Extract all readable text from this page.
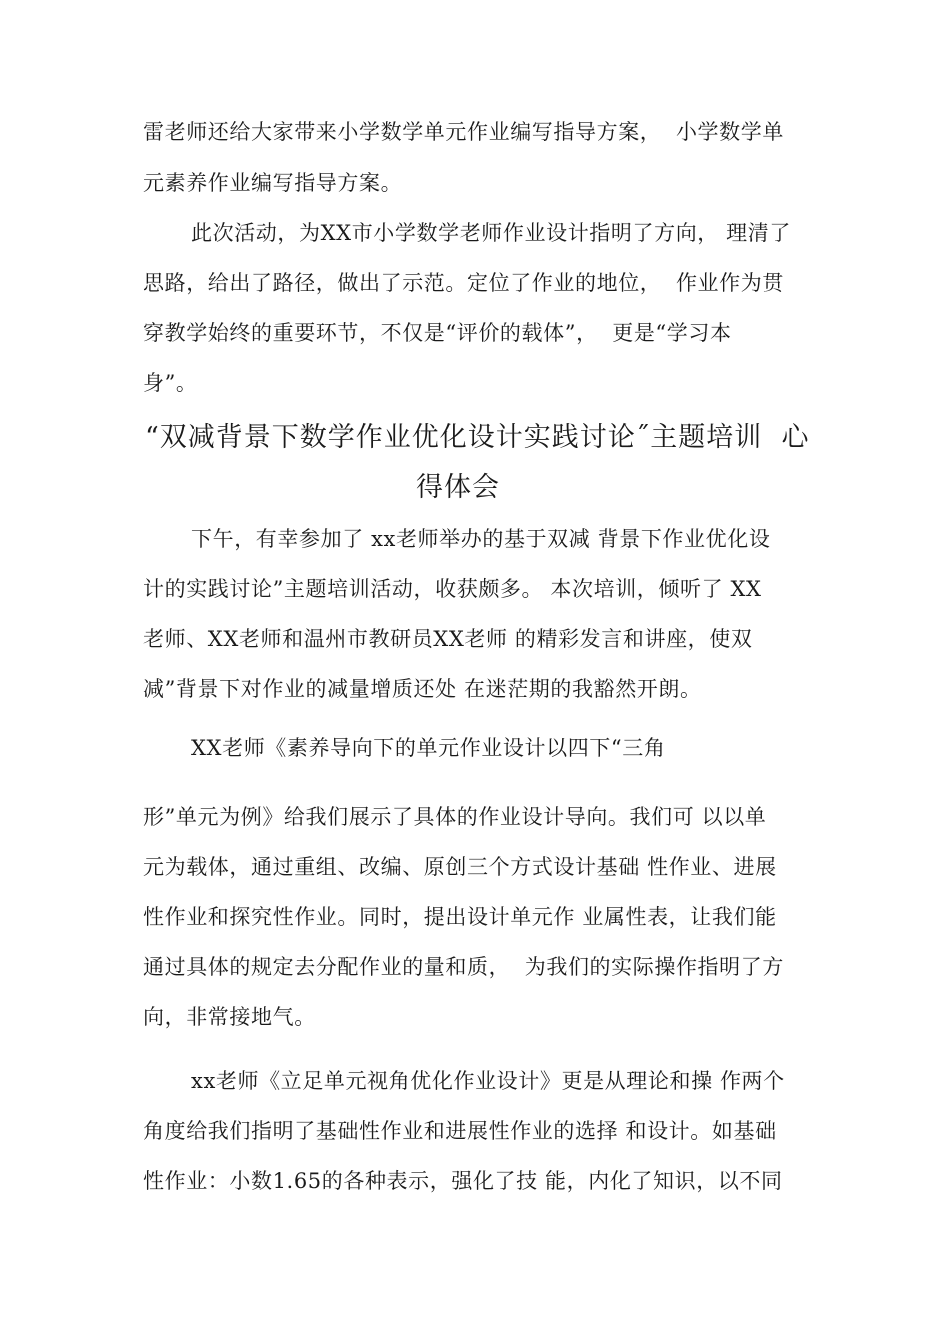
雷老师还给大家带来小学数学单元作业编写指导方案，  小学数学单
元素养作业编写指导方案。
此次活动，为XX市小学数学老师作业设计指明了方向， 理清了
思路，给出了路径，做出了示范。定位了作业的地位，  作业作为贯
穿教学始终的重要环节，不仅是“评价的载体”，  更是“学习本
身”。
“双减背景下数学作业优化设计实践讨论˝主题培训  心
得体会
下午，有幸参加了 xx老师举办的基于双减 背景下作业优化设
计的实践讨论”主题培训活动，收获颇多。 本次培训，倾听了 XX
老师、XX老师和温州市教研员XX老师 的精彩发言和讲座，使双
减”背景下对作业的减量增质还处 在迷茫期的我豁然开朗。
XX老师《素养导向下的单元作业设计以四下“三角
形”单元为例》给我们展示了具体的作业设计导向。我们可 以以单
元为载体，通过重组、改编、原创三个方式设计基础 性作业、进展
性作业和探究性作业。同时，提出设计单元作 业属性表，让我们能
通过具体的规定去分配作业的量和质，  为我们的实际操作指明了方
向，非常接地气。
xx老师《立足单元视角优化作业设计》更是从理论和操 作两个
角度给我们指明了基础性作业和进展性作业的选择 和设计。如基础
性作业：小数1.65的各种表示，强化了技 能，内化了知识，以不同
